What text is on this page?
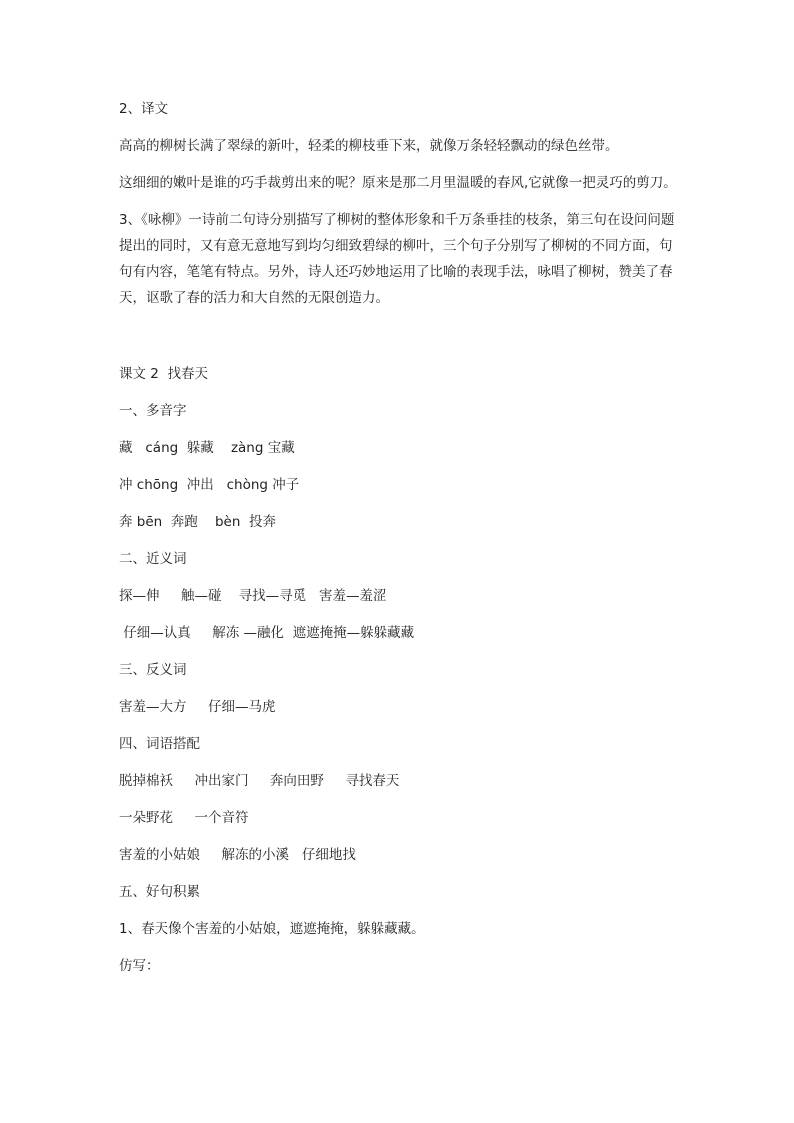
2、译文

高高的柳树长满了翠绿的新叶，轻柔的柳枝垂下来，就像万条轻轻飘动的绿色丝带。

这细细的嫩叶是谁的巧手裁剪出来的呢？原来是那二月里温暖的春风,它就像一把灵巧的剪刀。

3、《咏柳》一诗前二句诗分别描写了柳树的整体形象和千万条垂挂的枝条，第三句在设问问题提出的同时，又有意无意地写到均匀细致碧绿的柳叶，三个句子分别写了柳树的不同方面，句句有内容，笔笔有特点。另外，诗人还巧妙地运用了比喻的表现手法，咏唱了柳树，赞美了春天，讴歌了春的活力和大自然的无限创造力。

课文 2  找春天

一、多音字

藏   cáng  躲藏    zàng 宝藏

冲 chōng  冲出   chòng 冲子

奔 bēn  奔跑    bèn  投奔

二、近义词

探—伸     触—碰    寻找—寻觅   害羞—羞涩

仔细—认真     解冻 —融化  遮遮掩掩—躲躲藏藏

三、反义词

害羞—大方     仔细—马虎

四、词语搭配

脱掉棉袄     冲出家门     奔向田野     寻找春天

一朵野花     一个音符

害羞的小姑娘     解冻的小溪   仔细地找

五、好句积累

1、春天像个害羞的小姑娘，遮遮掩掩，躲躲藏藏。

仿写：
